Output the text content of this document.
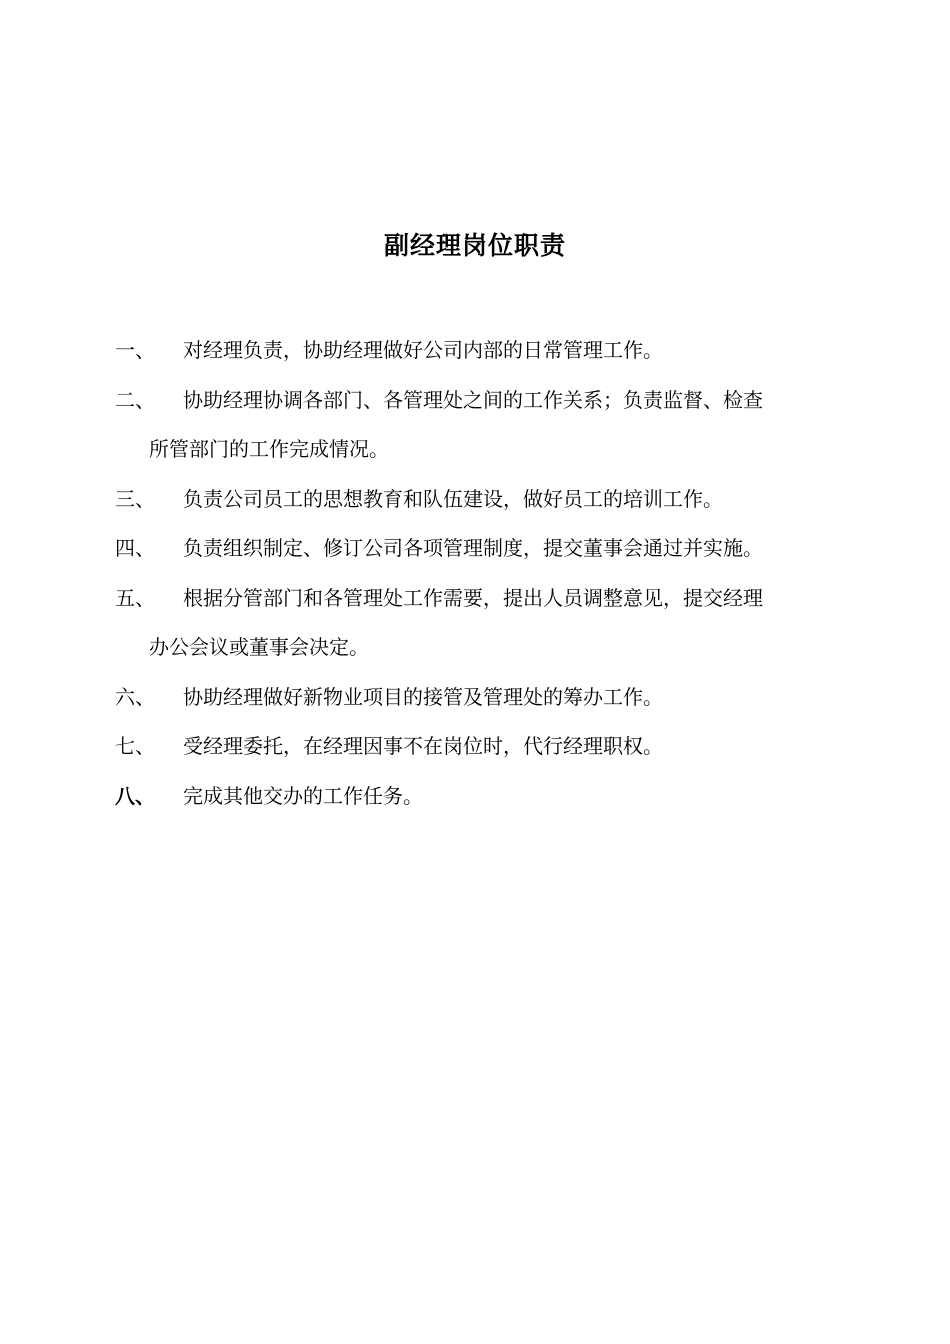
副经理岗位职责
一、	对经理负责，协助经理做好公司内部的日常管理工作。
二、	协助经理协调各部门、各管理处之间的工作关系；负责监督、检查
所管部门的工作完成情况。
三、	负责公司员工的思想教育和队伍建设，做好员工的培训工作。
四、	负责组织制定、修订公司各项管理制度，提交董事会通过并实施。
五、	根据分管部门和各管理处工作需要，提出人员调整意见，提交经理
办公会议或董事会决定。
六、	协助经理做好新物业项目的接管及管理处的筹办工作。
七、	受经理委托，在经理因事不在岗位时，代行经理职权。
八、	完成其他交办的工作任务。
